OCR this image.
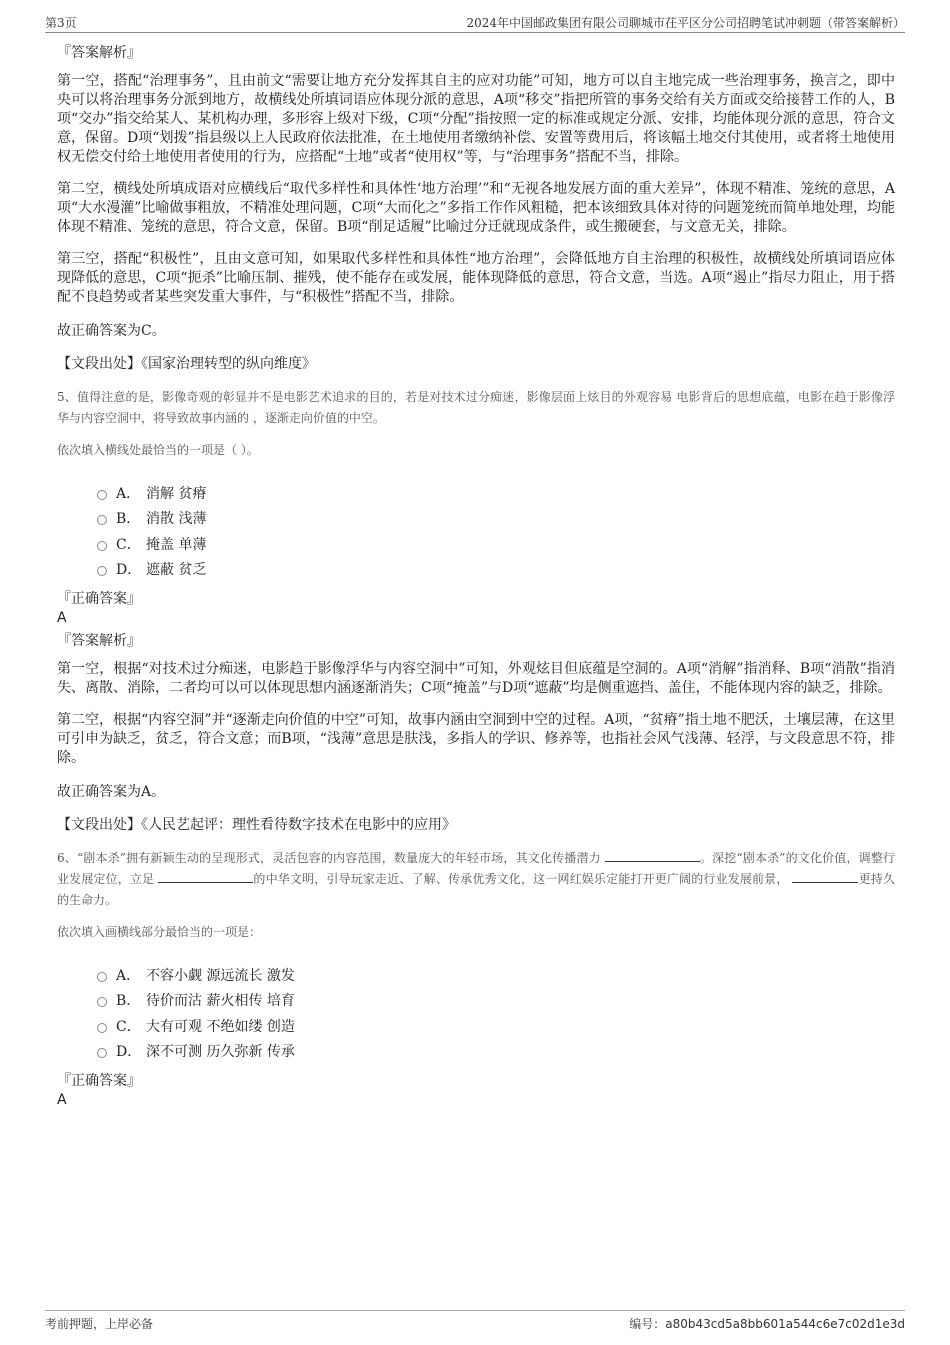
第3页	2024年中国邮政集团有限公司聊城市茌平区分公司招聘笔试冲刺题（带答案解析）
『答案解析』

第一空，搭配“治理事务”，且由前文“需要让地方充分发挥其自主的应对功能”可知，地方可以自主地完成一些治理事务，换言之，即中央可以将治理事务分派到地方，故横线处所填词语应体现分派的意思，A项“移交”指把所管的事务交给有关方面或交给接替工作的人，B项“交办”指交给某人、某机构办理，多形容上级对下级，C项“分配”指按照一定的标准或规定分派、安排，均能体现分派的意思，符合文意，保留。D项“划拨”指县级以上人民政府依法批准，在土地使用者缴纳补偿、安置等费用后，将该幅土地交付其使用，或者将土地使用权无偿交付给土地使用者使用的行为，应搭配“土地”或者“使用权”等，与“治理事务”搭配不当，排除。

第二空，横线处所填成语对应横线后“取代多样性和具体性‘地方治理’”和“无视各地发展方面的重大差异”，体现不精准、笼统的意思，A项“大水漫灌”比喻做事粗放，不精准处理问题，C项“大而化之”多指工作作风粗糙，把本该细致具体对待的问题笼统而简单地处理，均能体现不精准、笼统的意思，符合文意，保留。B项“削足适履”比喻过分迁就现成条件，或生搬硬套，与文意无关，排除。

第三空，搭配“积极性”，且由文意可知，如果取代多样性和具体性“地方治理”，会降低地方自主治理的积极性，故横线处所填词语应体现降低的意思，C项“扼杀”比喻压制、摧残，使不能存在或发展，能体现降低的意思，符合文意，当选。A项“遏止”指尽力阻止，用于搭配不良趋势或者某些突发重大事件，与“积极性”搭配不当，排除。

故正确答案为C。
【文段出处】《国家治理转型的纵向维度》
5、值得注意的是，影像奇观的彰显并不是电影艺术追求的目的，若是对技术过分痴迷，影像层面上炫目的外观容易 电影背后的思想底蕴，电影在趋于影像浮华与内容空洞中，将导致故事内涵的 ，逐渐走向价值的中空。
依次填入横线处最恰当的一项是（ ）。
A． 消解 贫瘠
B． 消散 浅薄
C． 掩盖 单薄
D． 遮蔽 贫乏
『正确答案』
A
『答案解析』

第一空，根据“对技术过分痴迷，电影趋于影像浮华与内容空洞中”可知，外观炫目但底蕴是空洞的。A项“消解”指消释、B项“消散”指消失、离散、消除，二者均可以可以体现思想内涵逐渐消失；C项“掩盖”与D项“遮蔽”均是侧重遮挡、盖住，不能体现内容的缺乏，排除。

第二空，根据“内容空洞”并“逐渐走向价值的中空”可知，故事内涵由空洞到中空的过程。A项，“贫瘠”指土地不肥沃，土壤层薄，在这里可引申为缺乏，贫乏，符合文意；而B项，“浅薄”意思是肤浅，多指人的学识、修养等，也指社会风气浅薄、轻浮，与文段意思不符，排除。

故正确答案为A。
【文段出处】《人民艺起评：理性看待数字技术在电影中的应用》
6、“剧本杀”拥有新颖生动的呈现形式，灵活包容的内容范围，数量庞大的年轻市场，其文化传播潜力	。深挖“剧本杀”的文化价值，调整行业发展定位，立足	的中华文明，引导玩家走近、了解、传承优秀文化，这一网红娱乐定能打开更广阔的行业发展前景，	更持久的生命力。
依次填入画横线部分最恰当的一项是：
A． 不容小觑 源远流长 激发
B． 待价而沽 薪火相传 培育
C． 大有可观 不绝如缕 创造
D． 深不可测 历久弥新 传承
『正确答案』
A
考前押题，上岸必备	编号：a80b43cd5a8bb601a544c6e7c02d1e3d
